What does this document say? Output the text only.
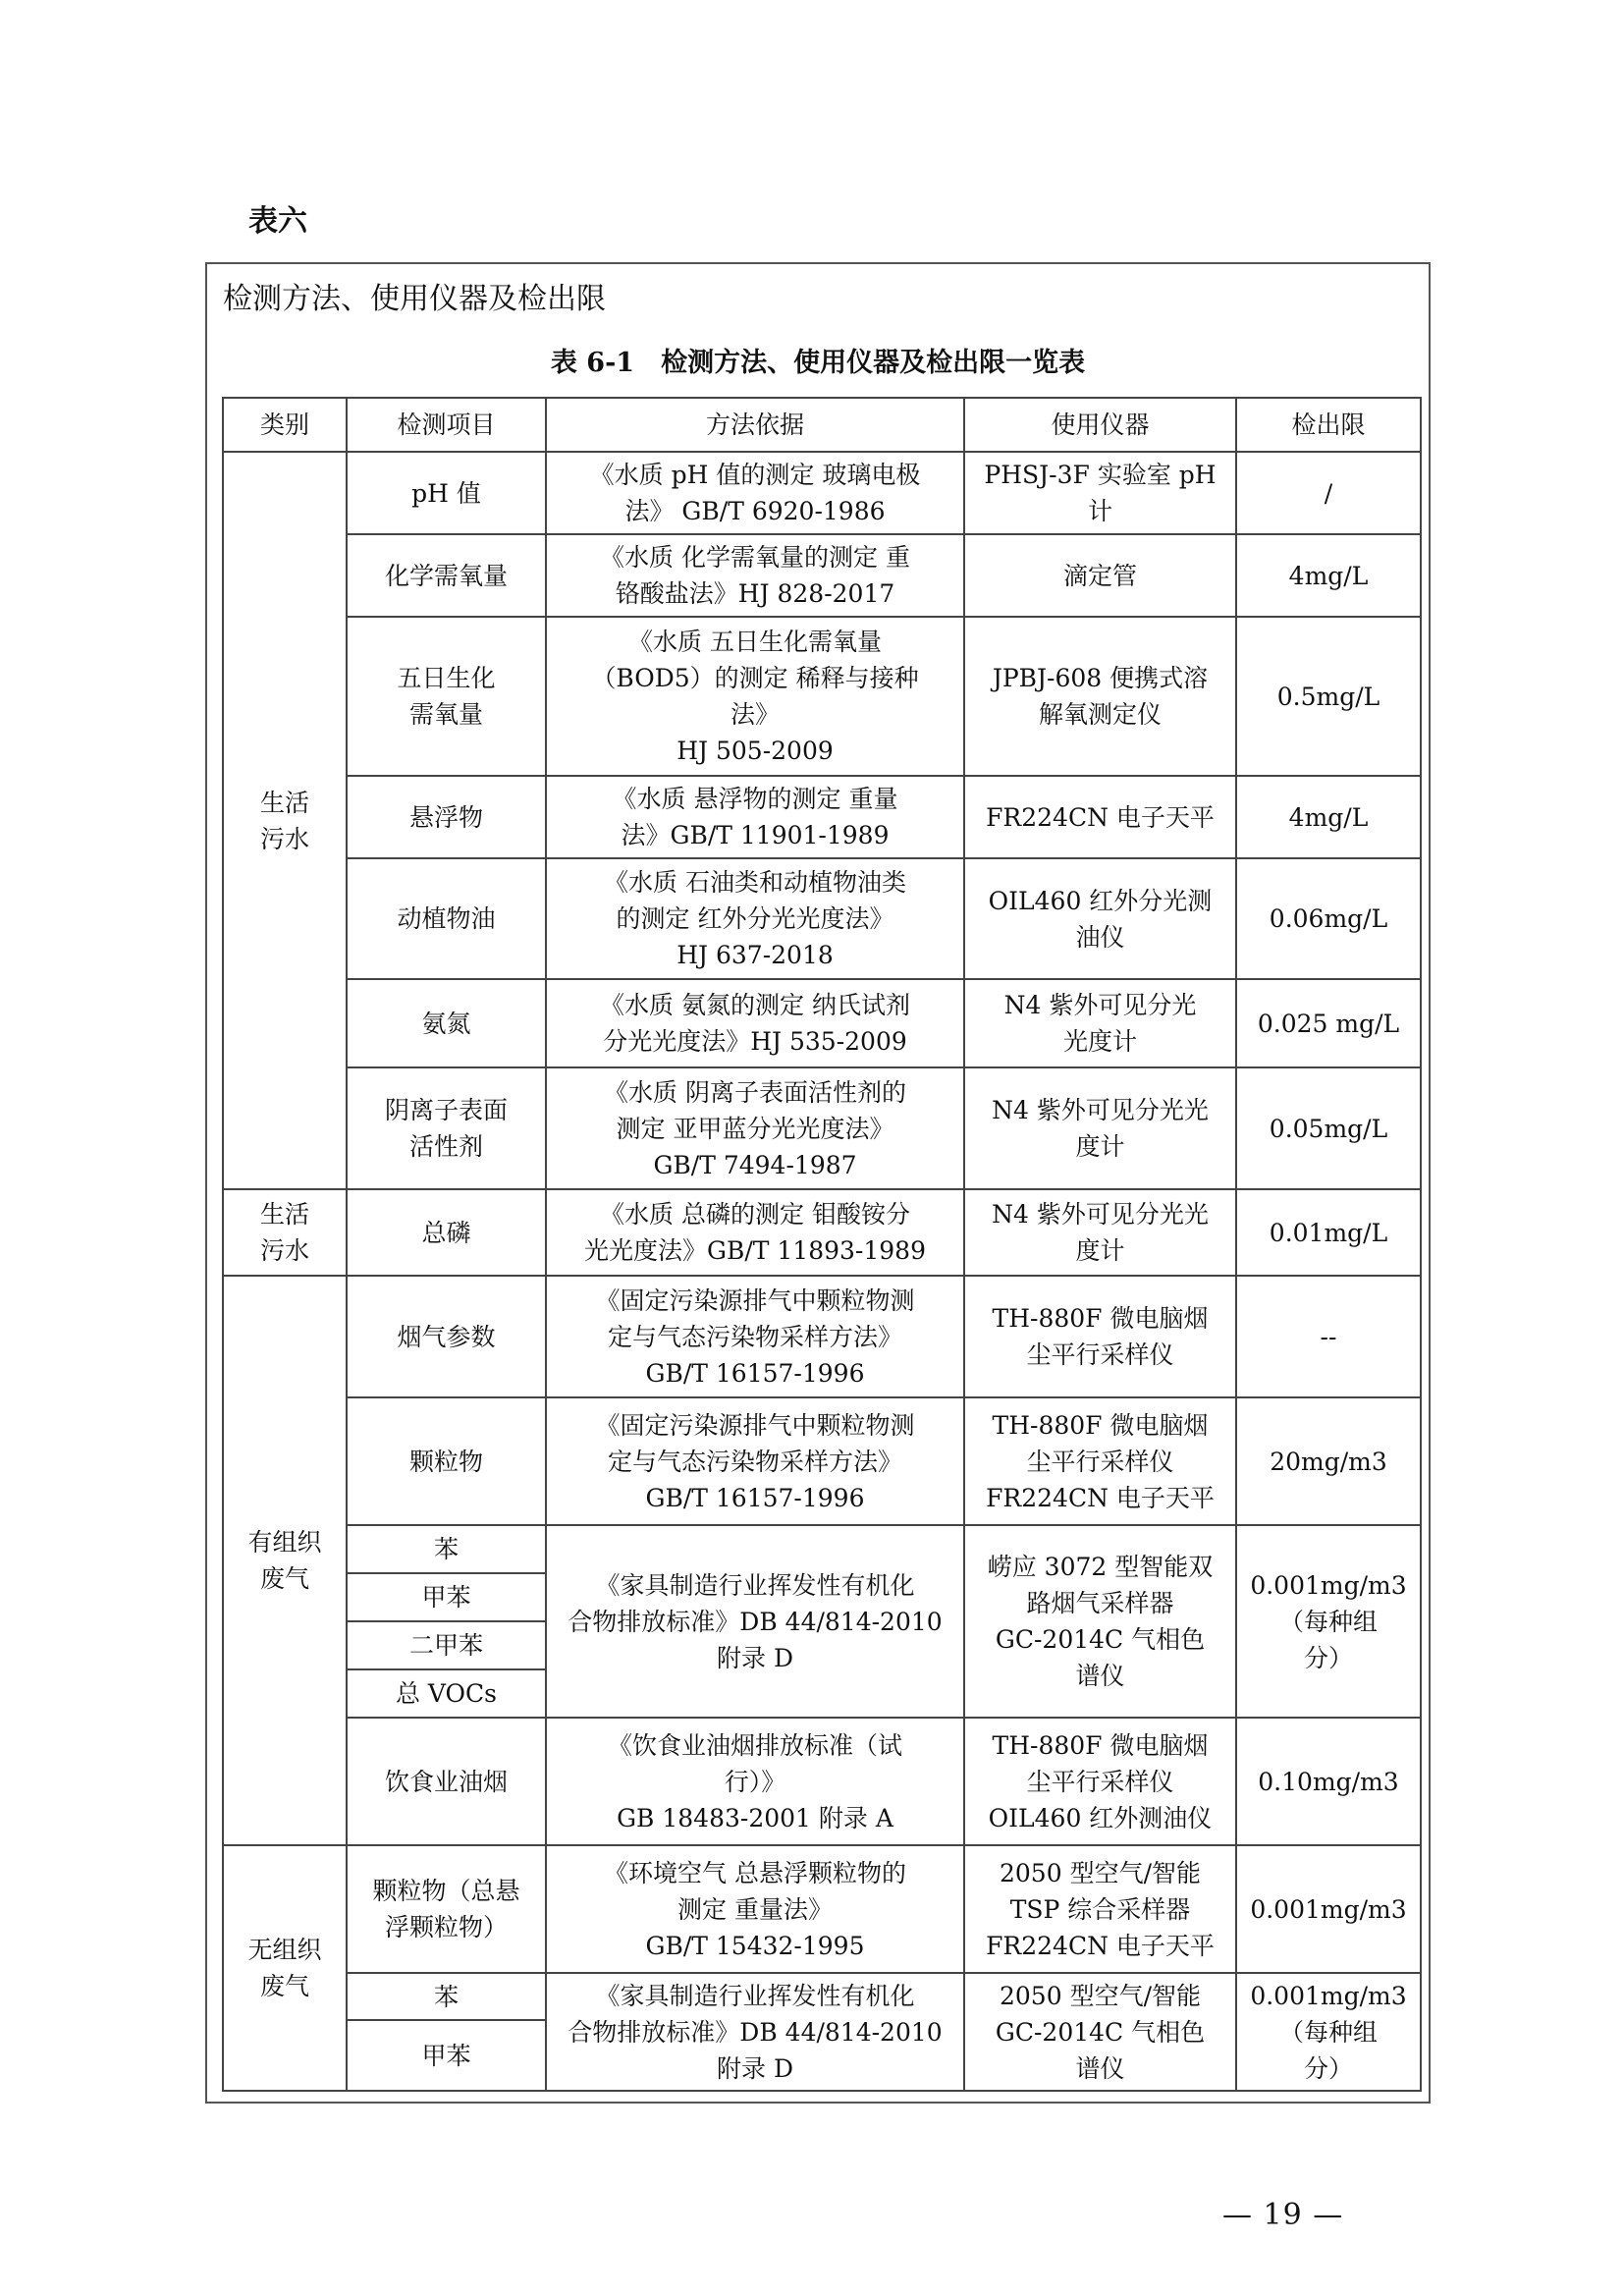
表六

检测方法、使用仪器及检出限

表 6-1　检测方法、使用仪器及检出限一览表

类别	检测项目	方法依据	使用仪器	检出限

生活
污水	pH 值	《水质 pH 值的测定 玻璃电极
法》 GB/T 6920-1986	PHSJ-3F 实验室 pH
计	/

	化学需氧量	《水质 化学需氧量的测定 重
铬酸盐法》HJ 828-2017	滴定管	4mg/L

	五日生化
需氧量	《水质 五日生化需氧量
（BOD5）的测定 稀释与接种
法》
HJ 505-2009	JPBJ-608 便携式溶
解氧测定仪	0.5mg/L

	悬浮物	《水质 悬浮物的测定 重量
法》GB/T 11901-1989	FR224CN 电子天平	4mg/L

	动植物油	《水质 石油类和动植物油类
的测定 红外分光光度法》
HJ 637-2018	OIL460 红外分光测
油仪	0.06mg/L

	氨氮	《水质 氨氮的测定 纳氏试剂
分光光度法》HJ 535-2009	N4 紫外可见分光
光度计	0.025 mg/L

	阴离子表面
活性剂	《水质 阴离子表面活性剂的
测定 亚甲蓝分光光度法》
GB/T 7494-1987	N4 紫外可见分光光
度计	0.05mg/L

生活
污水	总磷	《水质 总磷的测定 钼酸铵分
光光度法》GB/T 11893-1989	N4 紫外可见分光光
度计	0.01mg/L

有组织
废气	烟气参数	《固定污染源排气中颗粒物测
定与气态污染物采样方法》
GB/T 16157-1996	TH-880F 微电脑烟
尘平行采样仪	--

	颗粒物	《固定污染源排气中颗粒物测
定与气态污染物采样方法》
GB/T 16157-1996	TH-880F 微电脑烟
尘平行采样仪
FR224CN 电子天平	20mg/m3

	苯	《家具制造行业挥发性有机化
合物排放标准》DB 44/814-2010
附录 D	崂应 3072 型智能双
路烟气采样器
GC-2014C 气相色
谱仪	0.001mg/m3
（每种组
分）

	甲苯			

	二甲苯			

	总 VOCs			

	饮食业油烟	《饮食业油烟排放标准（试
行）》
GB 18483-2001 附录 A	TH-880F 微电脑烟
尘平行采样仪
OIL460 红外测油仪	0.10mg/m3

无组织
废气	颗粒物（总悬
浮颗粒物）	《环境空气 总悬浮颗粒物的
测定 重量法》
GB/T 15432-1995	2050 型空气/智能
TSP 综合采样器
FR224CN 电子天平	0.001mg/m3

	苯	《家具制造行业挥发性有机化
合物排放标准》DB 44/814-2010
附录 D	2050 型空气/智能
GC-2014C 气相色
谱仪	0.001mg/m3
（每种组
分）

	甲苯			
— 19 —
